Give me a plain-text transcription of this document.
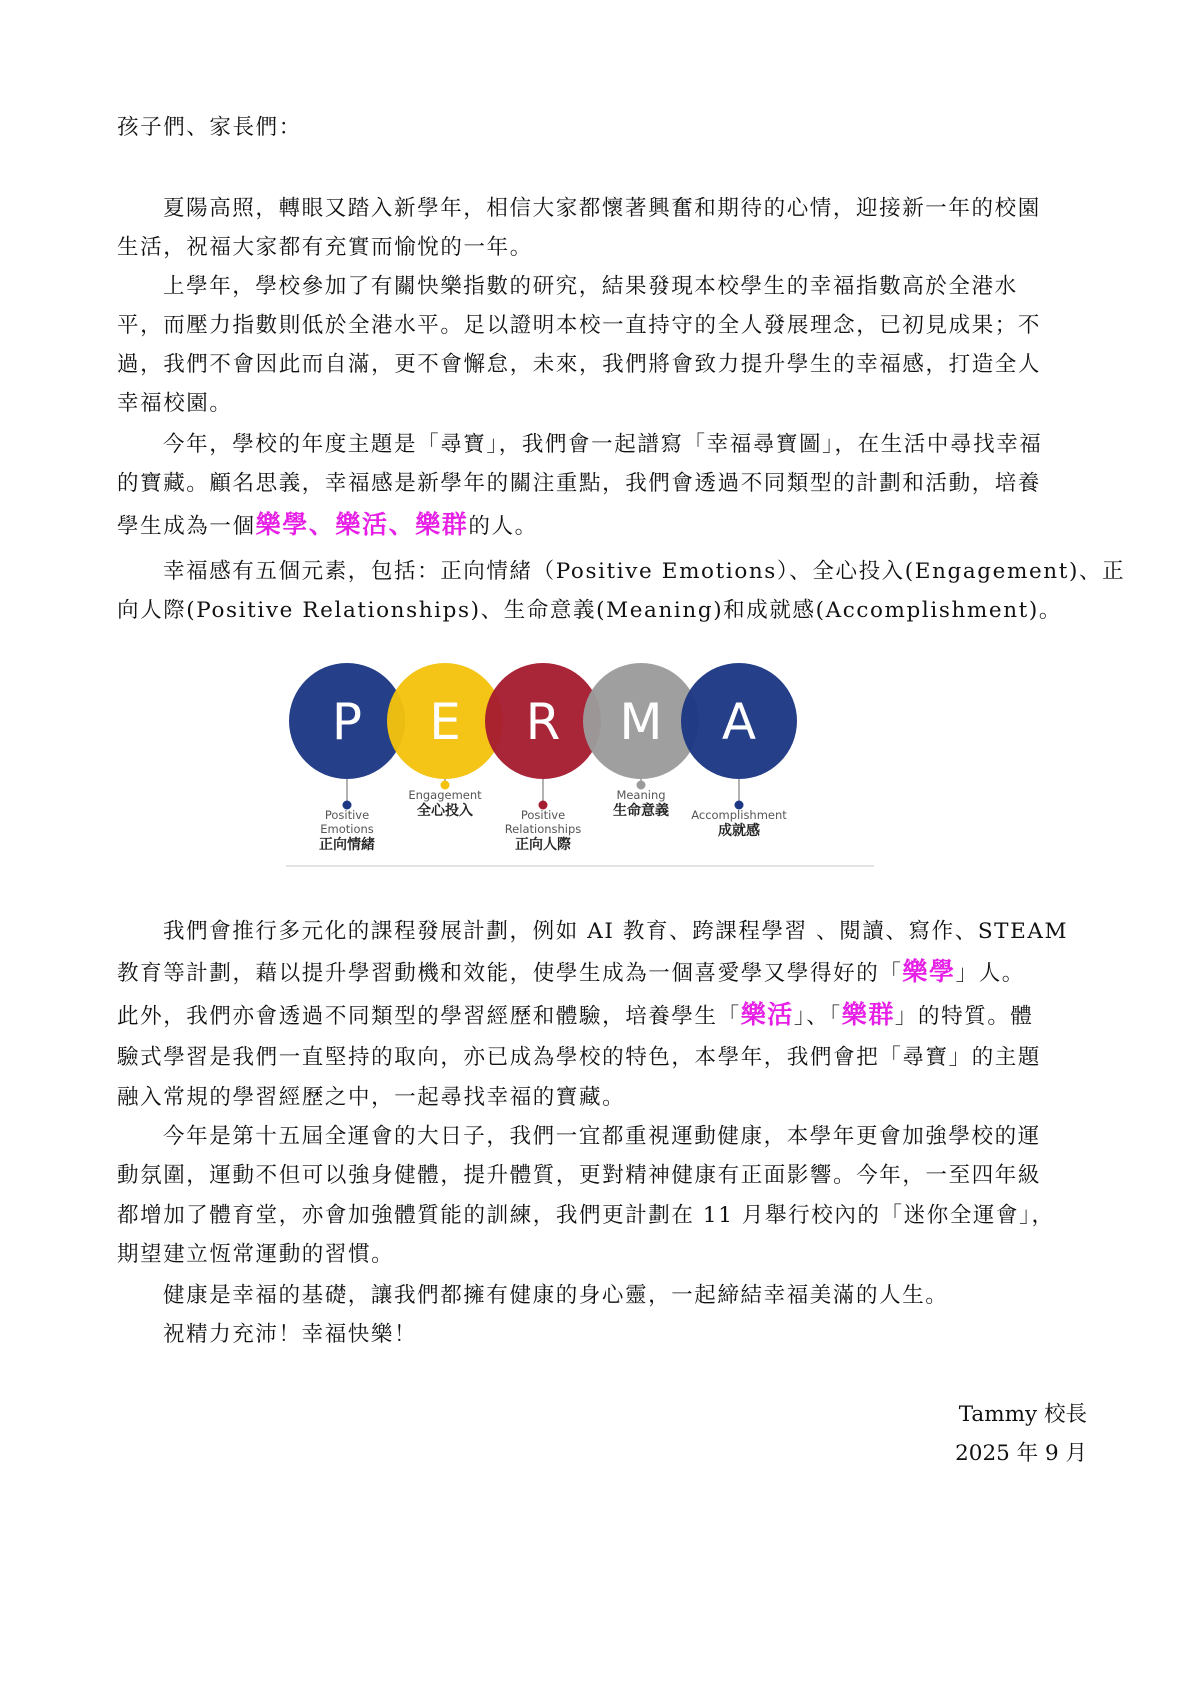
孩子們、家長們：
夏陽高照，轉眼又踏入新學年，相信大家都懷著興奮和期待的心情，迎接新一年的校園
生活，祝福大家都有充實而愉悅的一年。
上學年，學校參加了有關快樂指數的研究，結果發現本校學生的幸福指數高於全港水
平，而壓力指數則低於全港水平。足以證明本校一直持守的全人發展理念，已初見成果；不
過，我們不會因此而自滿，更不會懈怠，未來，我們將會致力提升學生的幸福感，打造全人
幸福校園。
今年，學校的年度主題是「尋寶」，我們會一起譜寫「幸福尋寶圖」，在生活中尋找幸福
的寶藏。顧名思義，幸福感是新學年的關注重點，我們會透過不同類型的計劃和活動，培養
學生成為一個樂學、樂活、樂群的人。
幸福感有五個元素，包括：正向情緒（Positive Emotions）、全心投入(Engagement)、正
向人際(Positive Relationships)、生命意義(Meaning)和成就感(Accomplishment)。
P E R M A
Positive
Emotions
正向情緒
Engagement
全心投入	Positive
Relationships
正向人際
Meaning
生命意義 Accomplishment
成就感
我們會推行多元化的課程發展計劃，例如 AI 教育、跨課程學習 、閱讀、寫作、STEAM
教育等計劃，藉以提升學習動機和效能，使學生成為一個喜愛學又學得好的「樂學」人。
此外，我們亦會透過不同類型的學習經歷和體驗，培養學生「樂活」、「樂群」的特質。體
驗式學習是我們一直堅持的取向，亦已成為學校的特色，本學年，我們會把「尋寶」的主題
融入常規的學習經歷之中，一起尋找幸福的寶藏。
今年是第十五屆全運會的大日子，我們一宜都重視運動健康，本學年更會加強學校的運
動氛圍，運動不但可以強身健體，提升體質，更對精神健康有正面影響。今年，一至四年級
都增加了體育堂，亦會加強體質能的訓練，我們更計劃在 11 月舉行校內的「迷你全運會」，
期望建立恆常運動的習慣。
健康是幸福的基礎，讓我們都擁有健康的身心靈，一起締結幸福美滿的人生。
祝精力充沛！幸福快樂！
Tammy 校長
2025 年 9 月
